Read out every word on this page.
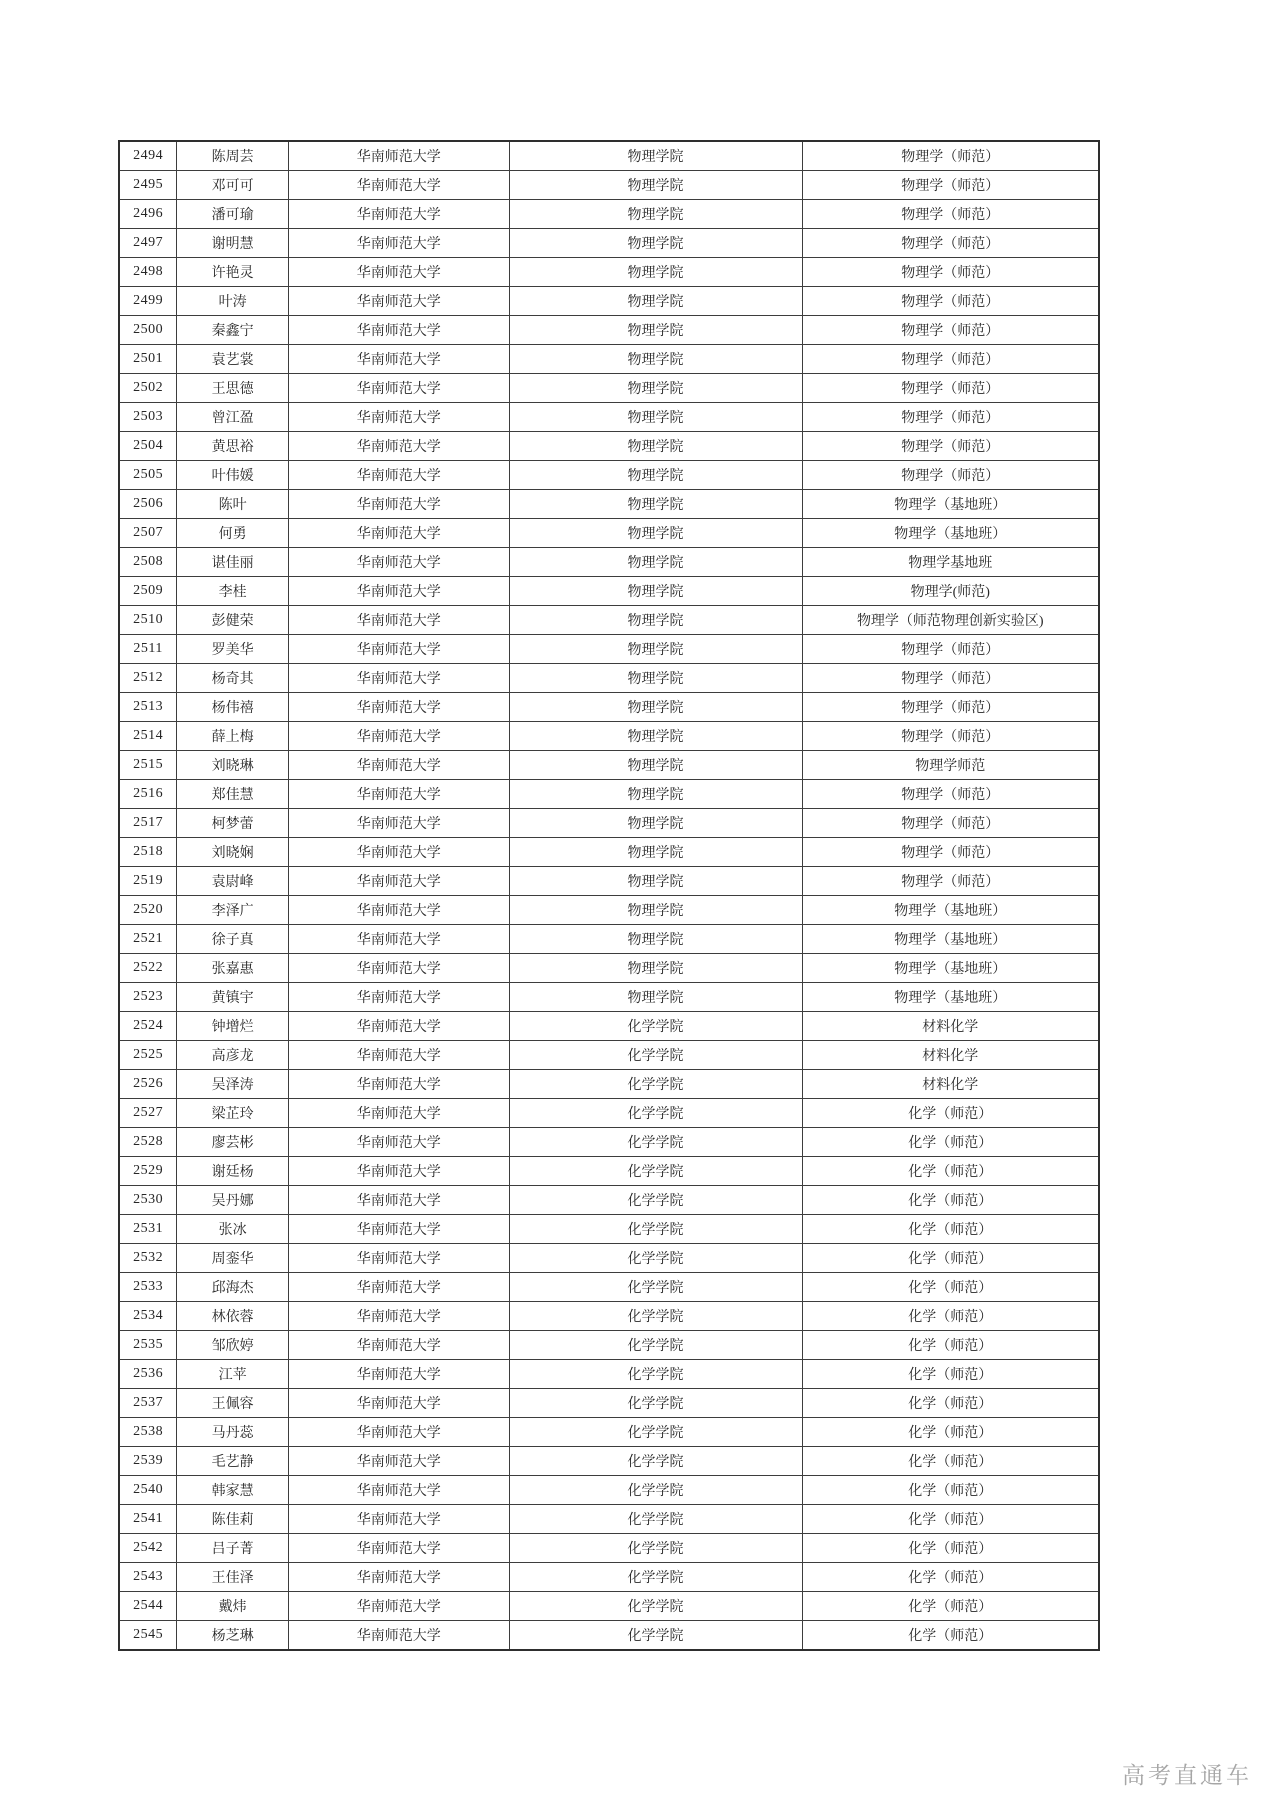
2494	陈周芸	华南师范大学	物理学院	物理学（师范）
2495	邓可可	华南师范大学	物理学院	物理学（师范）
2496	潘可瑜	华南师范大学	物理学院	物理学（师范）
2497	谢明慧	华南师范大学	物理学院	物理学（师范）
2498	许艳灵	华南师范大学	物理学院	物理学（师范）
2499	叶涛	华南师范大学	物理学院	物理学（师范）
2500	秦鑫宁	华南师范大学	物理学院	物理学（师范）
2501	袁艺裳	华南师范大学	物理学院	物理学（师范）
2502	王思德	华南师范大学	物理学院	物理学（师范）
2503	曾江盈	华南师范大学	物理学院	物理学（师范）
2504	黄思裕	华南师范大学	物理学院	物理学（师范）
2505	叶伟媛	华南师范大学	物理学院	物理学（师范）
2506	陈叶	华南师范大学	物理学院	物理学（基地班）
2507	何勇	华南师范大学	物理学院	物理学（基地班）
2508	谌佳丽	华南师范大学	物理学院	物理学基地班
2509	李桂	华南师范大学	物理学院	物理学(师范)
2510	彭健荣	华南师范大学	物理学院	物理学（师范物理创新实验区)
2511	罗美华	华南师范大学	物理学院	物理学（师范）
2512	杨奇其	华南师范大学	物理学院	物理学（师范）
2513	杨伟禧	华南师范大学	物理学院	物理学（师范）
2514	薛上梅	华南师范大学	物理学院	物理学（师范）
2515	刘晓琳	华南师范大学	物理学院	物理学师范
2516	郑佳慧	华南师范大学	物理学院	物理学（师范）
2517	柯梦蕾	华南师范大学	物理学院	物理学（师范）
2518	刘晓娴	华南师范大学	物理学院	物理学（师范）
2519	袁尉峰	华南师范大学	物理学院	物理学（师范）
2520	李泽广	华南师范大学	物理学院	物理学（基地班）
2521	徐子真	华南师范大学	物理学院	物理学（基地班）
2522	张嘉惠	华南师范大学	物理学院	物理学（基地班）
2523	黄镇宇	华南师范大学	物理学院	物理学（基地班）
2524	钟增烂	华南师范大学	化学学院	材料化学
2525	高彦龙	华南师范大学	化学学院	材料化学
2526	吴泽涛	华南师范大学	化学学院	材料化学
2527	梁芷玲	华南师范大学	化学学院	化学（师范）
2528	廖芸彬	华南师范大学	化学学院	化学（师范）
2529	谢廷杨	华南师范大学	化学学院	化学（师范）
2530	吴丹娜	华南师范大学	化学学院	化学（师范）
2531	张冰	华南师范大学	化学学院	化学（师范）
2532	周銮华	华南师范大学	化学学院	化学（师范）
2533	邱海杰	华南师范大学	化学学院	化学（师范）
2534	林依蓉	华南师范大学	化学学院	化学（师范）
2535	邹欣婷	华南师范大学	化学学院	化学（师范）
2536	江苹	华南师范大学	化学学院	化学（师范）
2537	王佩容	华南师范大学	化学学院	化学（师范）
2538	马丹蕊	华南师范大学	化学学院	化学（师范）
2539	毛艺静	华南师范大学	化学学院	化学（师范）
2540	韩家慧	华南师范大学	化学学院	化学（师范）
2541	陈佳莉	华南师范大学	化学学院	化学（师范）
2542	吕子菁	华南师范大学	化学学院	化学（师范）
2543	王佳泽	华南师范大学	化学学院	化学（师范）
2544	戴炜	华南师范大学	化学学院	化学（师范）
2545	杨芝琳	华南师范大学	化学学院	化学（师范）
高考直通车
